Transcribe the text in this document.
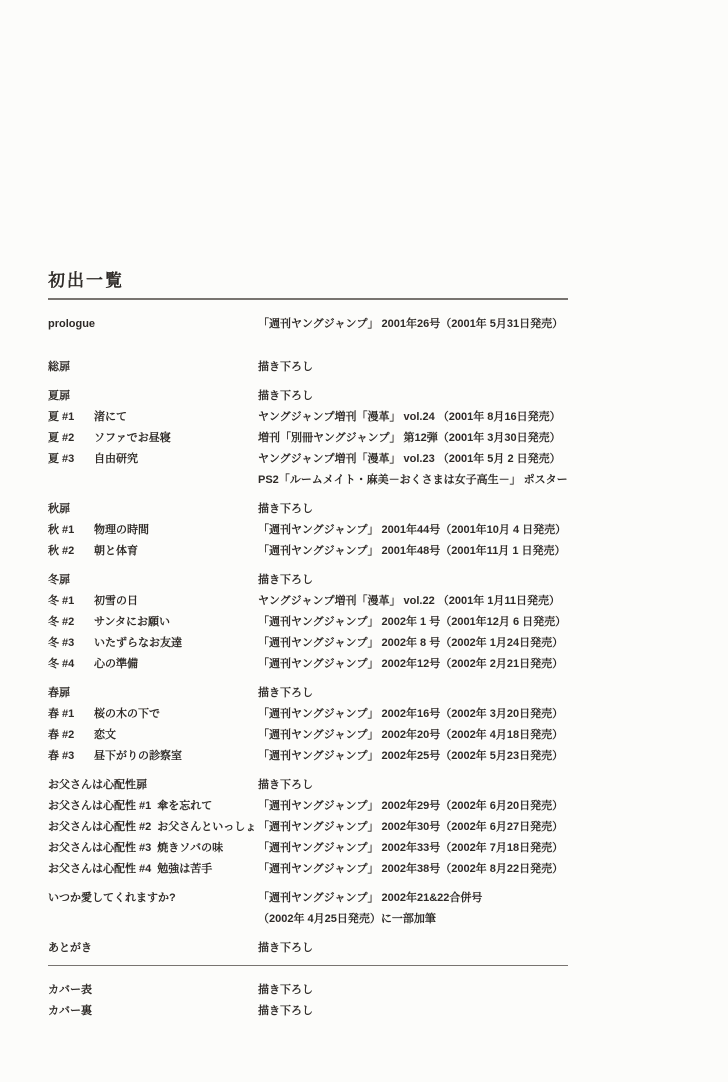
初出一覧
prologue	「週刊ヤングジャンプ」 2001年26号（2001年 5月31日発売）
総扉	描き下ろし
夏扉	描き下ろし
夏 #1 渚にて	ヤングジャンプ増刊「漫革」 vol.24 （2001年 8月16日発売）
夏 #2 ソファでお昼寝	増刊「別冊ヤングジャンプ」 第12弾（2001年 3月30日発売）
夏 #3 自由研究	ヤングジャンプ増刊「漫革」 vol.23 （2001年 5月 2 日発売）
PS2「ルームメイト・麻美－おくさまは女子高生－」 ポスター
秋扉	描き下ろし
秋 #1 物理の時間	「週刊ヤングジャンプ」 2001年44号（2001年10月 4 日発売）
秋 #2 朝と体育	「週刊ヤングジャンプ」 2001年48号（2001年11月 1 日発売）
冬扉	描き下ろし
冬 #1 初雪の日	ヤングジャンプ増刊「漫革」 vol.22 （2001年 1月11日発売）
冬 #2 サンタにお願い	「週刊ヤングジャンプ」 2002年 1 号（2001年12月 6 日発売）
冬 #3 いたずらなお友達	「週刊ヤングジャンプ」 2002年 8 号（2002年 1月24日発売）
冬 #4 心の準備	「週刊ヤングジャンプ」 2002年12号（2002年 2月21日発売）
春扉	描き下ろし
春 #1 桜の木の下で	「週刊ヤングジャンプ」 2002年16号（2002年 3月20日発売）
春 #2 恋文	「週刊ヤングジャンプ」 2002年20号（2002年 4月18日発売）
春 #3 昼下がりの診察室	「週刊ヤングジャンプ」 2002年25号（2002年 5月23日発売）
お父さんは心配性扉	描き下ろし
お父さんは心配性 #1 傘を忘れて	「週刊ヤングジャンプ」 2002年29号（2002年 6月20日発売）
お父さんは心配性 #2 お父さんといっしょ 「週刊ヤングジャンプ」 2002年30号（2002年 6月27日発売）
お父さんは心配性 #3 焼きソバの味	「週刊ヤングジャンプ」 2002年33号（2002年 7月18日発売）
お父さんは心配性 #4 勉強は苦手	「週刊ヤングジャンプ」 2002年38号（2002年 8月22日発売）
いつか愛してくれますか?	「週刊ヤングジャンプ」 2002年21&22合併号
（2002年 4月25日発売）に一部加筆
あとがき	描き下ろし
カバー表	描き下ろし
カバー裏	描き下ろし
